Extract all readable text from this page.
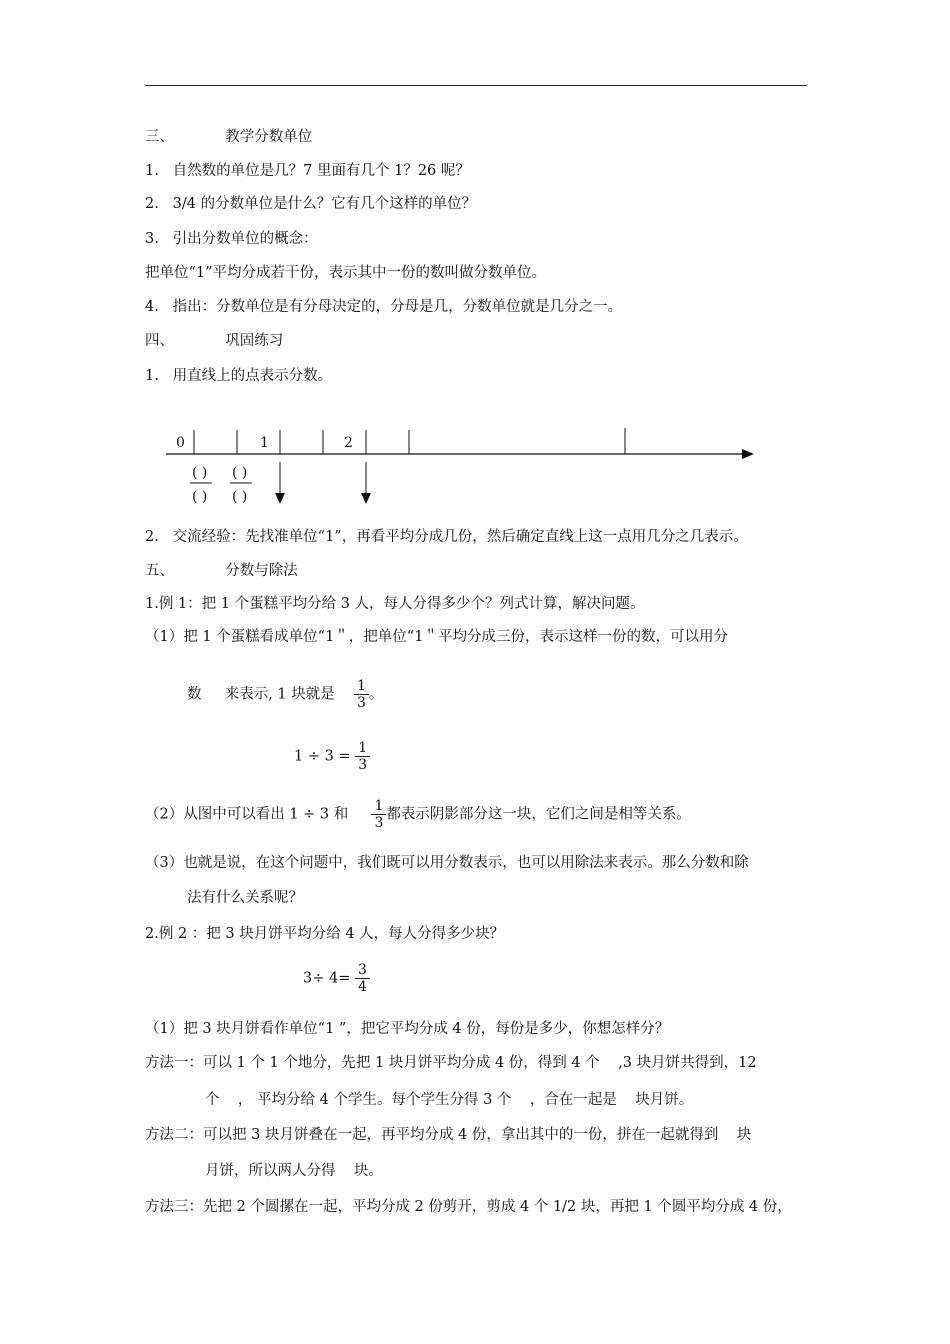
三、	教学分数单位
1.   自然数的单位是几？7 里面有几个 1？26 呢？
2.   3/4 的分数单位是什么？它有几个这样的单位？
3.   引出分数单位的概念：
把单位“1”平均分成若干份，表示其中一份的数叫做分数单位。
4.   指出：分数单位是有分母决定的，分母是几，分数单位就是几分之一。
四、	巩固练习
1.   用直线上的点表示分数。
0	1	2
( )
( )
( )
( )
2.   交流经验：先找准单位“1”，再看平均分成几份，然后确定直线上这一点用几分之几表示。
五、	分数与除法
1.例 1：把 1 个蛋糕平均分给 3 人，每人分得多少个？列式计算，解决问题。
（1）把 1 个蛋糕看成单位“1＂，把单位“1＂平均分成三份，表示这样一份的数，可以用分
数 来表示, 1 块就是 $\frac{1}{3}$ 。
$1 \div 3 = \frac{1}{3}$
（2）从图中可以看出 1 ÷ 3 和 $\frac{1}{3}$ 都表示阴影部分这一块，它们之间是相等关系。
（3）也就是说，在这个问题中，我们既可以用分数表示，也可以用除法来表示。那么分数和除
法有什么关系呢？
2.例 2 ：把 3 块月饼平均分给 4 人，每人分得多少块？
$3\div 4= \frac{3}{4}$
（1）把 3 块月饼看作单位“1 ”，把它平均分成 4 份，每份是多少，你想怎样分？
方法一：可以 1 个 1 个地分，先把 1 块月饼平均分成 4 份，得到 4 个    ,3 块月饼共得到，12
个    ， 平均分给 4 个学生。每个学生分得 3 个    ，合在一起是    块月饼。
方法二：可以把 3 块月饼叠在一起，再平均分成 4 份，拿出其中的一份，拼在一起就得到    块
月饼，所以两人分得    块。
方法三：先把 2 个圆摞在一起，平均分成 2 份剪开，剪成 4 个 1/2 块，再把 1 个圆平均分成 4 份，
